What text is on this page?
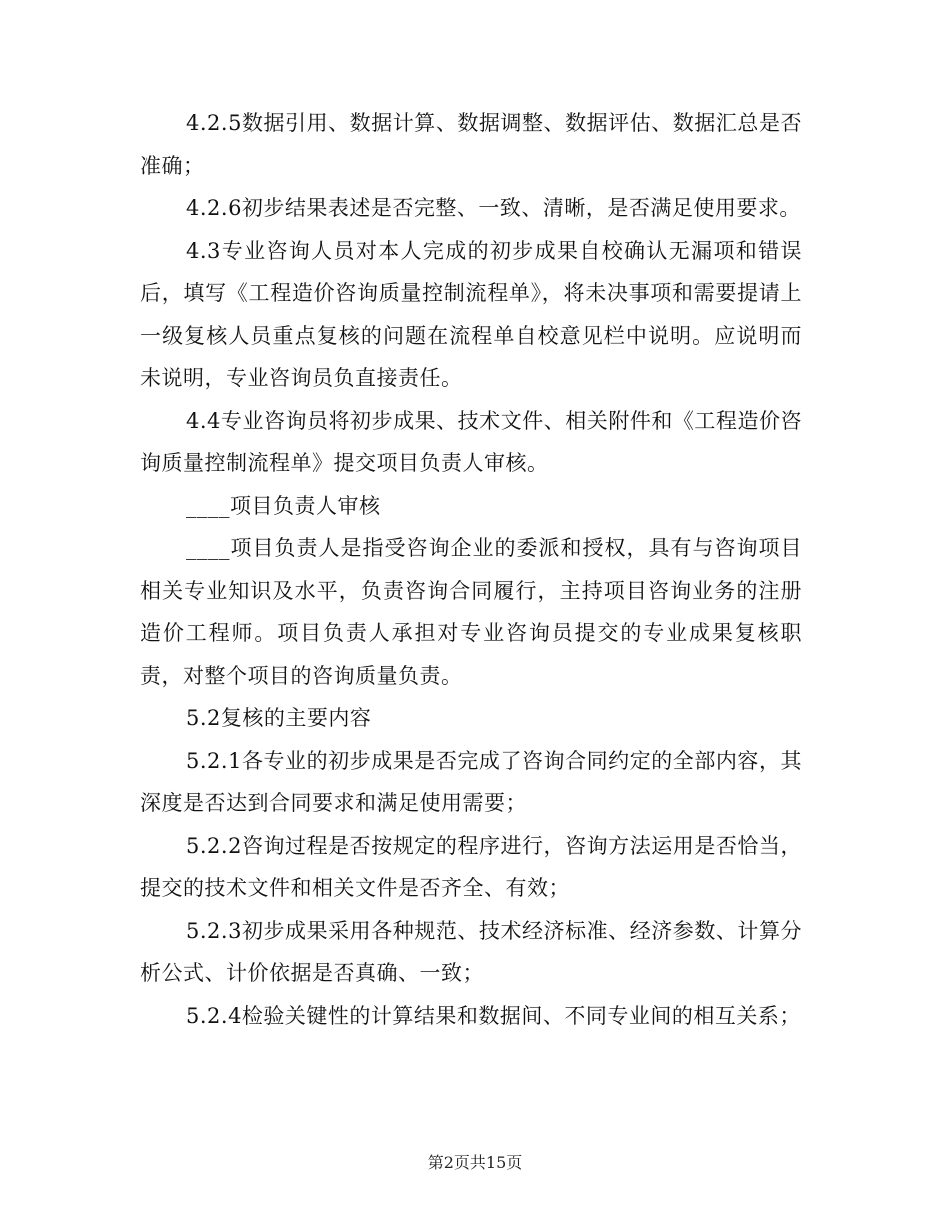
4.2.5数据引用、数据计算、数据调整、数据评估、数据汇总是否准确；

4.2.6初步结果表述是否完整、一致、清晰，是否满足使用要求。

4.3专业咨询人员对本人完成的初步成果自校确认无漏项和错误后，填写《工程造价咨询质量控制流程单》，将未决事项和需要提请上一级复核人员重点复核的问题在流程单自校意见栏中说明。应说明而未说明，专业咨询员负直接责任。

4.4专业咨询员将初步成果、技术文件、相关附件和《工程造价咨询质量控制流程单》提交项目负责人审核。

____项目负责人审核

____项目负责人是指受咨询企业的委派和授权，具有与咨询项目相关专业知识及水平，负责咨询合同履行，主持项目咨询业务的注册造价工程师。项目负责人承担对专业咨询员提交的专业成果复核职责，对整个项目的咨询质量负责。

5.2复核的主要内容

5.2.1各专业的初步成果是否完成了咨询合同约定的全部内容，其深度是否达到合同要求和满足使用需要；

5.2.2咨询过程是否按规定的程序进行，咨询方法运用是否恰当，提交的技术文件和相关文件是否齐全、有效；

5.2.3初步成果采用各种规范、技术经济标准、经济参数、计算分析公式、计价依据是否真确、一致；

5.2.4检验关键性的计算结果和数据间、不同专业间的相互关系；

第2页共15页
